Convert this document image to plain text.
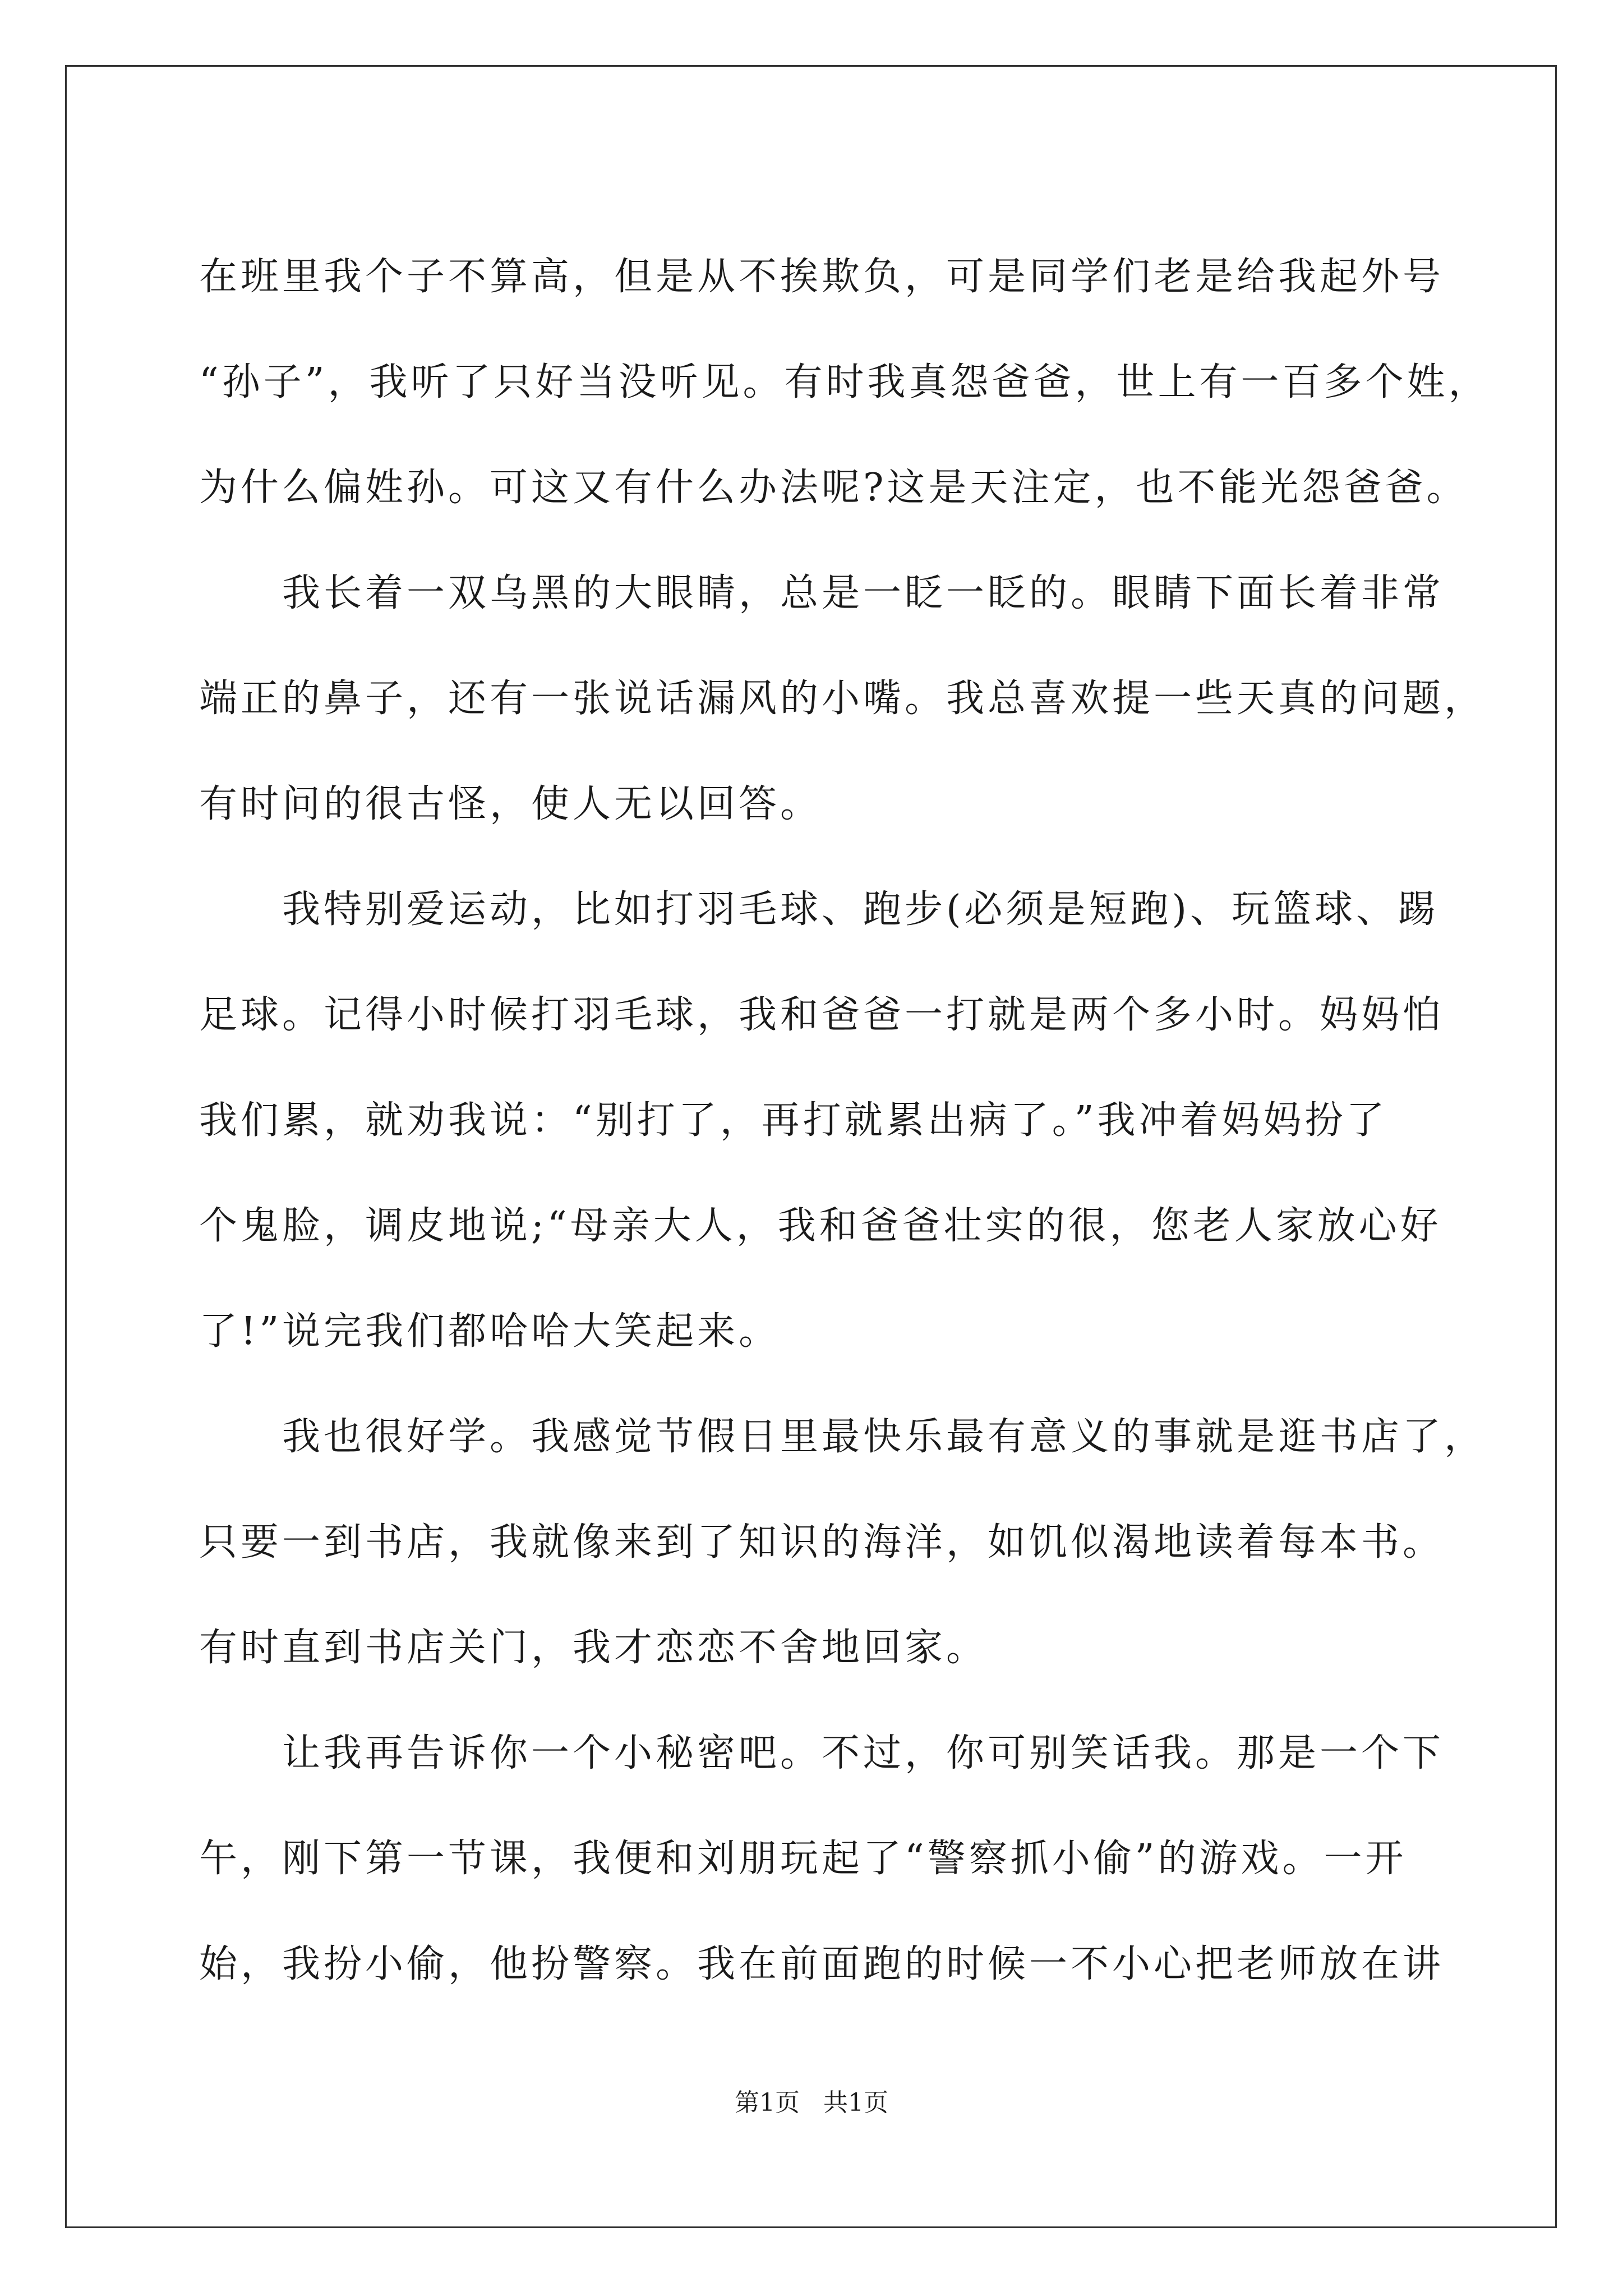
在班里我个子不算高，但是从不挨欺负，可是同学们老是给我起外号
“孙子”，我听了只好当没听见。有时我真怨爸爸，世上有一百多个姓，
为什么偏姓孙。可这又有什么办法呢?这是天注定，也不能光怨爸爸。
我长着一双乌黑的大眼睛，总是一眨一眨的。眼睛下面长着非常
端正的鼻子，还有一张说话漏风的小嘴。我总喜欢提一些天真的问题，
有时问的很古怪，使人无以回答。
我特别爱运动，比如打羽毛球、跑步(必须是短跑)、玩篮球、踢
足球。记得小时候打羽毛球，我和爸爸一打就是两个多小时。妈妈怕
我们累，就劝我说：“别打了，再打就累出病了。”我冲着妈妈扮了
个鬼脸，调皮地说;“母亲大人，我和爸爸壮实的很，您老人家放心好
了!”说完我们都哈哈大笑起来。
我也很好学。我感觉节假日里最快乐最有意义的事就是逛书店了，
只要一到书店，我就像来到了知识的海洋，如饥似渴地读着每本书。
有时直到书店关门，我才恋恋不舍地回家。
让我再告诉你一个小秘密吧。不过，你可别笑话我。那是一个下
午，刚下第一节课，我便和刘朋玩起了“警察抓小偷”的游戏。一开
始，我扮小偷，他扮警察。我在前面跑的时候一不小心把老师放在讲
第1页 共1页
